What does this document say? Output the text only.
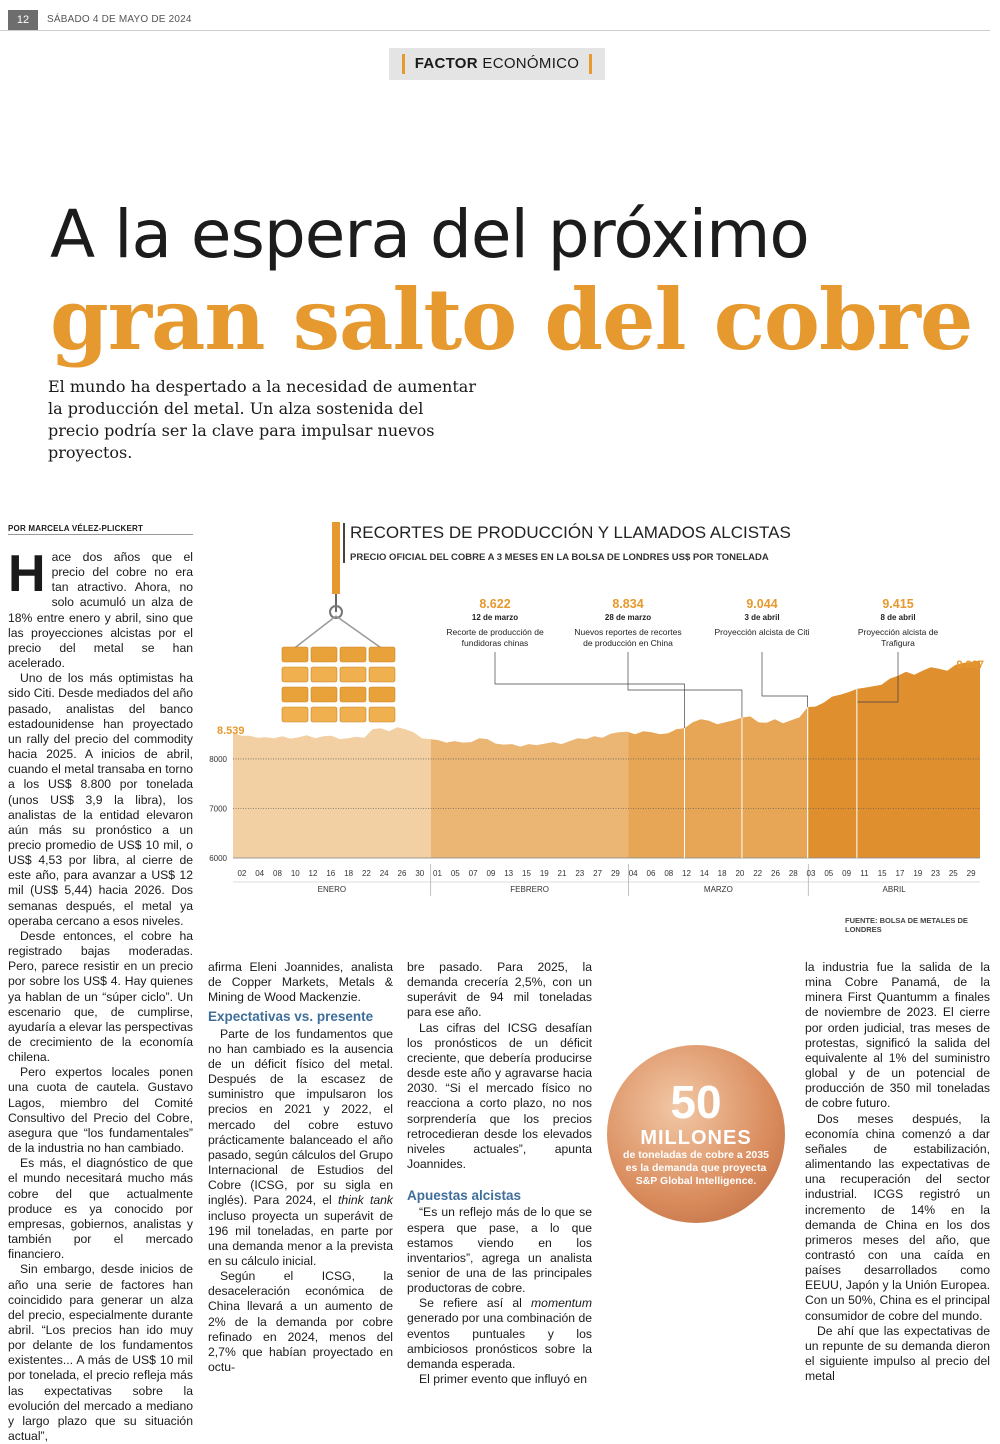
12	SÁBADO 4 DE MAYO DE 2024
FACTOR ECONÓMICO
A la espera del próximo
gran salto del cobre
El mundo ha despertado a la necesidad de aumentar la producción del metal. Un alza sostenida del precio podría ser la clave para impulsar nuevos proyectos.
POR MARCELA VÉLEZ-PLICKERT

Hace dos años que el precio del cobre no era tan atractivo. Ahora, no solo acumuló un alza de 18% entre enero y abril, sino que las proyecciones alcistas por el precio del metal se han acelerado.

Uno de los más optimistas ha sido Citi. Desde mediados del año pasado, analistas del banco estadounidense han proyectado un rally del precio del commodity hacia 2025. A inicios de abril, cuando el metal transaba en torno a los US$ 8.800 por tonelada (unos US$ 3,9 la libra), los analistas de la entidad elevaron aún más su pronóstico a un precio promedio de US$ 10 mil, o US$ 4,53 por libra, al cierre de este año, para avanzar a US$ 12 mil (US$ 5,44) hacia 2026. Dos semanas después, el metal ya operaba cercano a esos niveles.

Desde entonces, el cobre ha registrado bajas moderadas. Pero, parece resistir en un precio por sobre los US$ 4. Hay quienes ya hablan de un “súper ciclo”. Un escenario que, de cumplirse, ayudaría a elevar las perspectivas de crecimiento de la economía chilena.

Pero expertos locales ponen una cuota de cautela. Gustavo Lagos, miembro del Comité Consultivo del Precio del Cobre, asegura que “los fundamentales” de la industria no han cambiado.

Es más, el diagnóstico de que el mundo necesitará mucho más cobre del que actualmente produce es ya conocido por empresas, gobiernos, analistas y también por el mercado financiero.

Sin embargo, desde inicios de año una serie de factores han coincidido para generar un alza del precio, especialmente durante abril. “Los precios han ido muy por delante de los fundamentos existentes... A más de US$ 10 mil por tonelada, el precio refleja más las expectativas sobre la evolución del mercado a mediano y largo plazo que su situación actual”,

afirma Eleni Joannides, analista de Copper Markets, Metals & Mining de Wood Mackenzie.

Expectativas vs. presente

Parte de los fundamentos que no han cambiado es la ausencia de un déficit físico del metal. Después de la escasez de suministro que impulsaron los precios en 2021 y 2022, el mercado del cobre estuvo prácticamente balanceado el año pasado, según cálculos del Grupo Internacional de Estudios del Cobre (ICSG, por su sigla en inglés). Para 2024, el think tank incluso proyecta un superávit de 196 mil toneladas, en parte por una demanda menor a la prevista en su cálculo inicial.

Según el ICSG, la desaceleración económica de China llevará a un aumento de 2% de la demanda por cobre refinado en 2024, menos del 2,7% que habían proyectado en octu-

bre pasado. Para 2025, la demanda crecería 2,5%, con un superávit de 94 mil toneladas para ese año.

Las cifras del ICSG desafían los pronósticos de un déficit creciente, que debería producirse desde este año y agravarse hacia 2030. “Si el mercado físico no reacciona a corto plazo, no nos sorprendería que los precios retrocedieran desde los elevados niveles actuales”, apunta Joannides.

Apuestas alcistas

“Es un reflejo más de lo que se espera que pase, a lo que estamos viendo en los inventarios”, agrega un analista senior de una de las principales productoras de cobre.

Se refiere así al momentum generado por una combinación de eventos puntuales y los ambiciosos pronósticos sobre la demanda esperada.

El primer evento que influyó en

la industria fue la salida de la mina Cobre Panamá, de la minera First Quantumm a finales de noviembre de 2023. El cierre por orden judicial, tras meses de protestas, significó la salida del equivalente al 1% del suministro global y de un potencial de producción de 350 mil toneladas de cobre futuro.

Dos meses después, la economía china comenzó a dar señales de estabilización, alimentando las expectativas de una recuperación del sector industrial. ICGS registró un incremento de 14% en la demanda de China en los dos primeros meses del año, que contrastó con una caída en países desarrollados como EEUU, Japón y la Unión Europea. Con un 50%, China es el principal consumidor de cobre del mundo.

De ahí que las expectativas de un repunte de su demanda dieron el siguiente impulso al precio del metal

50
MILLONES
de toneladas de cobre a 2035 es la demanda que proyecta S&P Global Intelligence.
RECORTES DE PRODUCCIÓN Y LLAMADOS ALCISTAS
PRECIO OFICIAL DEL COBRE A 3 MESES EN LA BOLSA DE LONDRES US$ POR TONELADA
FUENTE: BOLSA DE METALES DE LONDRES
6000
7000
8000
02 04 08 10 12 16 18 22 24 26 30
ENERO
01 05 07 09 13 15 19 21 23 27 29
FEBRERO
04 06 08 12 14 18 20 22 26 28
MARZO
03 05 09 11 15 17 19 23 25 29
ABRIL
8.539
9.987
8.622
12 de marzo
Recorte de producción de
fundidoras chinas
8.834
28 de marzo
Nuevos reportes de recortes
de producción en China
9.044
3 de abril
Proyección alcista de Citi
9.415
8 de abril
Proyección alcista de
Trafigura
